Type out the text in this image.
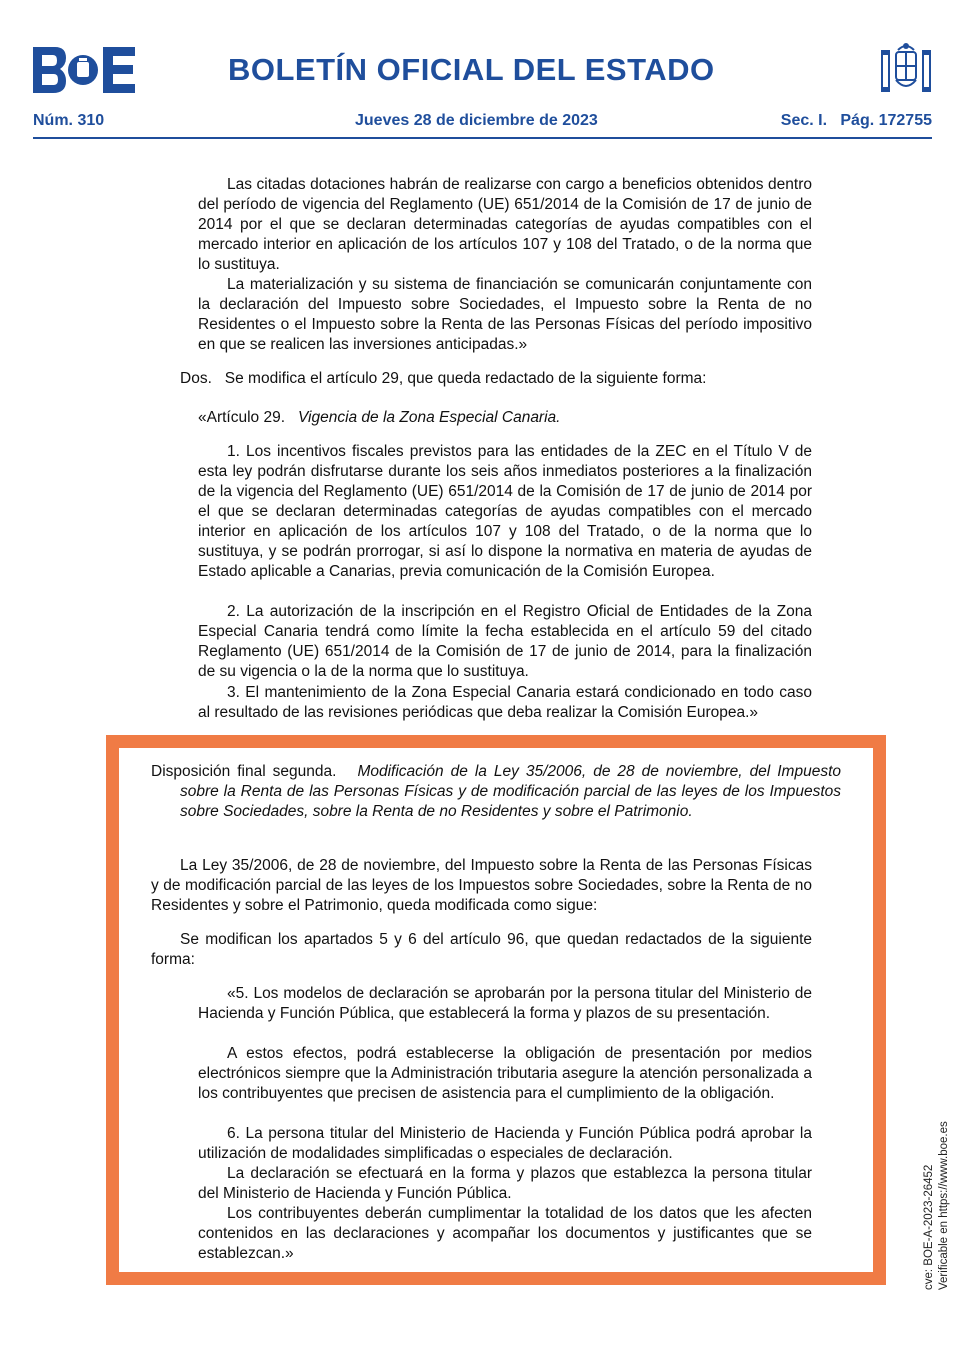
BOLETÍN OFICIAL DEL ESTADO
Núm. 310	Jueves 28 de diciembre de 2023	Sec. I.   Pág. 172755

Las citadas dotaciones habrán de realizarse con cargo a beneficios obtenidos dentro del período de vigencia del Reglamento (UE) 651/2014 de la Comisión de 17 de junio de 2014 por el que se declaran determinadas categorías de ayudas compatibles con el mercado interior en aplicación de los artículos 107 y 108 del Tratado, o de la norma que lo sustituya.

La materialización y su sistema de financiación se comunicarán conjuntamente con la declaración del Impuesto sobre Sociedades, el Impuesto sobre la Renta de no Residentes o el Impuesto sobre la Renta de las Personas Físicas del período impositivo en que se realicen las inversiones anticipadas.»

Dos.   Se modifica el artículo 29, que queda redactado de la siguiente forma:

«Artículo 29. Vigencia de la Zona Especial Canaria.

1. Los incentivos fiscales previstos para las entidades de la ZEC en el Título V de esta ley podrán disfrutarse durante los seis años inmediatos posteriores a la finalización de la vigencia del Reglamento (UE) 651/2014 de la Comisión de 17 de junio de 2014 por el que se declaran determinadas categorías de ayudas compatibles con el mercado interior en aplicación de los artículos 107 y 108 del Tratado, o de la norma que lo sustituya, y se podrán prorrogar, si así lo dispone la normativa en materia de ayudas de Estado aplicable a Canarias, previa comunicación de la Comisión Europea.

2. La autorización de la inscripción en el Registro Oficial de Entidades de la Zona Especial Canaria tendrá como límite la fecha establecida en el artículo 59 del citado Reglamento (UE) 651/2014 de la Comisión de 17 de junio de 2014, para la finalización de su vigencia o la de la norma que lo sustituya.

3. El mantenimiento de la Zona Especial Canaria estará condicionado en todo caso al resultado de las revisiones periódicas que deba realizar la Comisión Europea.»

Disposición final segunda. Modificación de la Ley 35/2006, de 28 de noviembre, del Impuesto sobre la Renta de las Personas Físicas y de modificación parcial de las leyes de los Impuestos sobre Sociedades, sobre la Renta de no Residentes y sobre el Patrimonio.

La Ley 35/2006, de 28 de noviembre, del Impuesto sobre la Renta de las Personas Físicas y de modificación parcial de las leyes de los Impuestos sobre Sociedades, sobre la Renta de no Residentes y sobre el Patrimonio, queda modificada como sigue:

Se modifican los apartados 5 y 6 del artículo 96, que quedan redactados de la siguiente forma:

«5. Los modelos de declaración se aprobarán por la persona titular del Ministerio de Hacienda y Función Pública, que establecerá la forma y plazos de su presentación.

A estos efectos, podrá establecerse la obligación de presentación por medios electrónicos siempre que la Administración tributaria asegure la atención personalizada a los contribuyentes que precisen de asistencia para el cumplimiento de la obligación.

6. La persona titular del Ministerio de Hacienda y Función Pública podrá aprobar la utilización de modalidades simplificadas o especiales de declaración.

La declaración se efectuará en la forma y plazos que establezca la persona titular del Ministerio de Hacienda y Función Pública.

Los contribuyentes deberán cumplimentar la totalidad de los datos que les afecten contenidos en las declaraciones y acompañar los documentos y justificantes que se establezcan.»	cve: BOE-A-2023-26452 Verificable en https://www.boe.es
